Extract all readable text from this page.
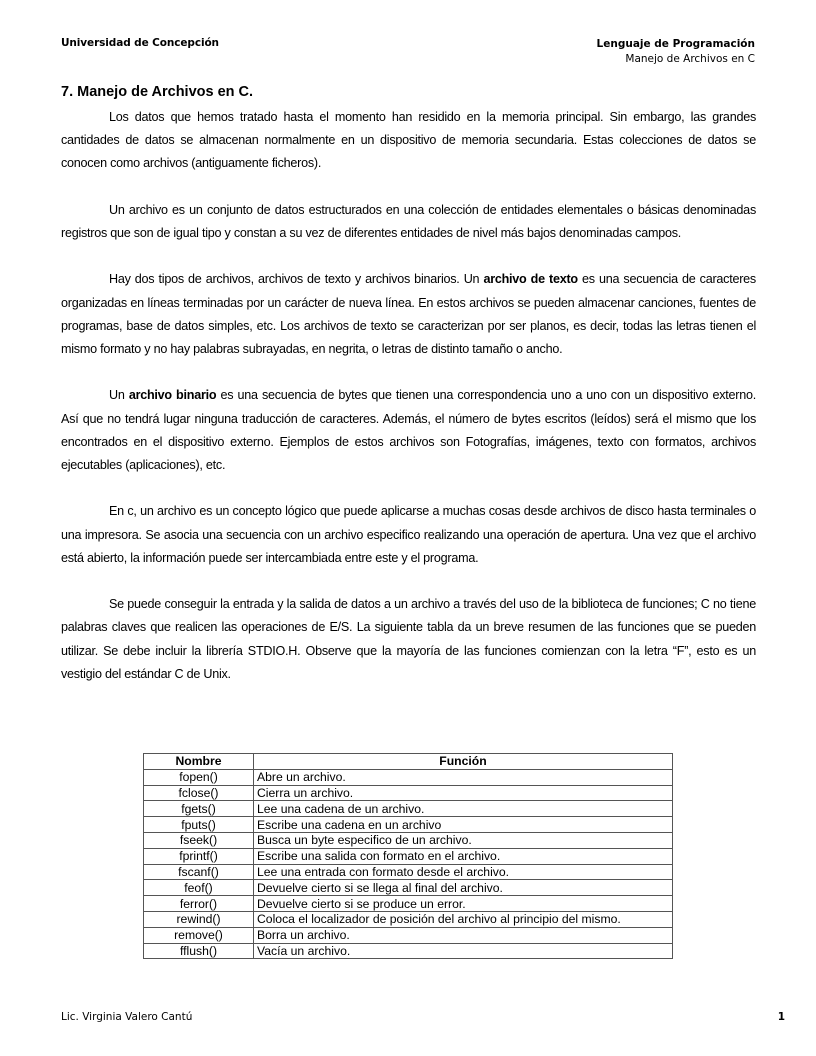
Universidad de Concepción	Lenguaje de Programación
Manejo de Archivos en C
7. Manejo de Archivos en C.

Los datos que hemos tratado hasta el momento han residido en la memoria principal. Sin embargo, las grandes cantidades de datos se almacenan normalmente en un dispositivo de memoria secundaria. Estas colecciones de datos se conocen como archivos (antiguamente ficheros).

Un archivo es un conjunto de datos estructurados en una colección de entidades elementales o básicas denominadas registros que son de igual tipo y constan a su vez de diferentes entidades de nivel más bajos denominadas campos.

Hay dos tipos de archivos, archivos de texto y archivos binarios. Un archivo de texto es una secuencia de caracteres organizadas en líneas terminadas por un carácter de nueva línea. En estos archivos se pueden almacenar canciones, fuentes de programas, base de datos simples, etc. Los archivos de texto se caracterizan por ser planos, es decir, todas las letras tienen el mismo formato y no hay palabras subrayadas, en negrita, o letras de distinto tamaño o ancho.

Un archivo binario es una secuencia de bytes que tienen una correspondencia uno a uno con un dispositivo externo. Así que no tendrá lugar ninguna traducción de caracteres. Además, el número de bytes escritos (leídos) será el mismo que los encontrados en el dispositivo externo. Ejemplos de estos archivos son Fotografías, imágenes, texto con formatos, archivos ejecutables (aplicaciones), etc.

En c, un archivo es un concepto lógico que puede aplicarse a muchas cosas desde archivos de disco hasta terminales o una impresora. Se asocia una secuencia con un archivo especifico realizando una operación de apertura. Una vez que el archivo está abierto, la información puede ser intercambiada entre este y el programa.

Se puede conseguir la entrada y la salida de datos a un archivo a través del uso de la biblioteca de funciones; C no tiene palabras claves que realicen las operaciones de E/S. La siguiente tabla da un breve resumen de las funciones que se pueden utilizar. Se debe incluir la librería STDIO.H. Observe que la mayoría de las funciones comienzan con la letra “F”, esto es un vestigio del estándar C de Unix.

Nombre	Función
fopen()	Abre un archivo.
fclose()	Cierra un archivo.
fgets()	Lee una cadena de un archivo.
fputs()	Escribe una cadena en un archivo
fseek()	Busca un byte especifico de un archivo.
fprintf()	Escribe una salida con formato en el archivo.
fscanf()	Lee una entrada con formato desde el archivo.
feof()	Devuelve cierto si se llega al final del archivo.
ferror()	Devuelve cierto si se produce un error.
rewind()	Coloca el localizador de posición del archivo al principio del mismo.
remove()	Borra un archivo.
fflush()	Vacía un archivo.
Lic. Virginia Valero Cantú	1
